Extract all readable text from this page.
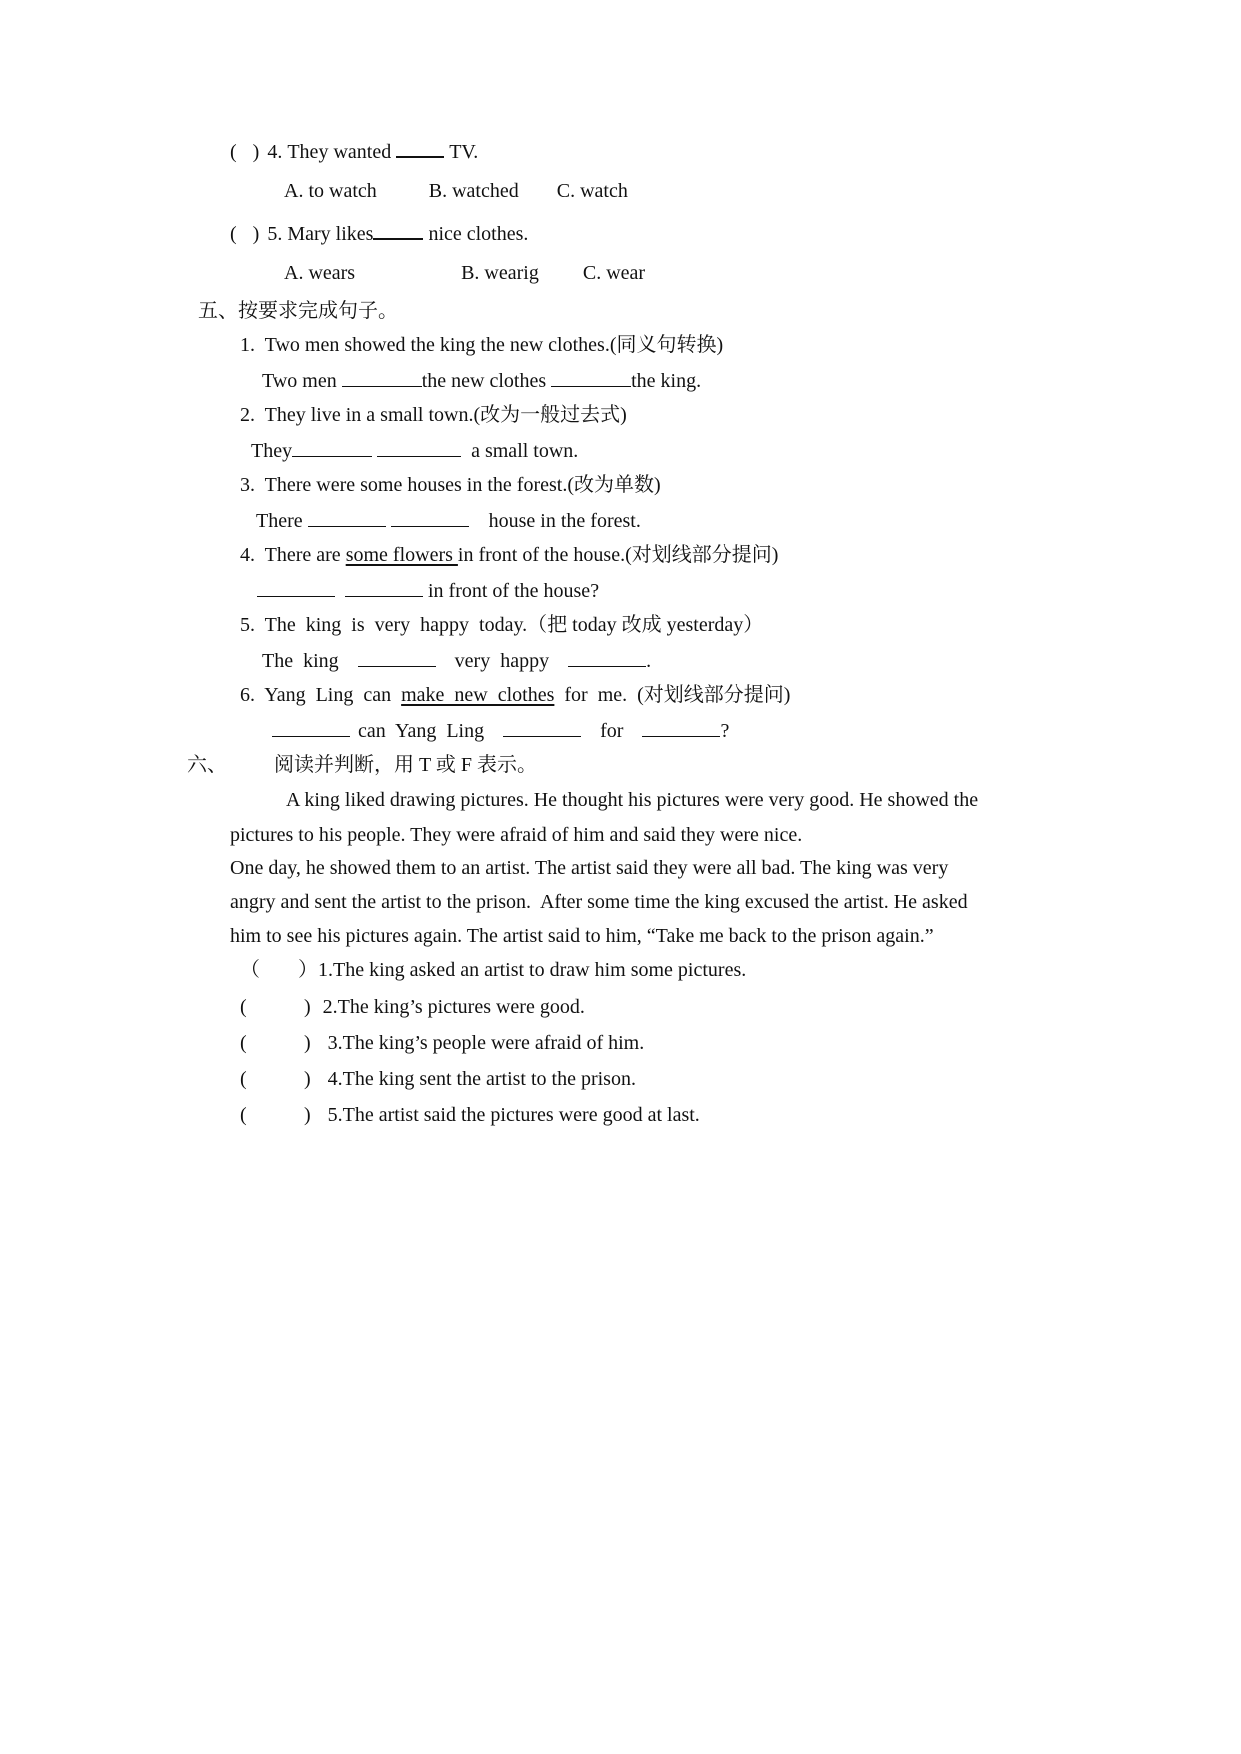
( ) 4. They wanted	TV.
A. to watch	B. watched C. watch
( ) 5. Mary likes	nice clothes.
A. wears	B. wearig C. wear
五、按要求完成句子。
1.  Two men showed the king the new clothes.(同义句转换)
Two men	the new clothes	the king.
2.  They live in a small town.(改为一般过去式)
They	a small town.
3.  There were some houses in the forest.(改为单数)
There	house in the forest.
4.  There are some flowers in front of the house.(对划线部分提问)
in front of the house?
5.  The  king  is  very  happy  today.（把 today 改成 yesterday）
The  king	very  happy	.
6.  Yang  Ling  can make  new  clothes for  me.  (对划线部分提问)
can  Yang  Ling	for	?
六、 阅读并判断，用 T 或 F 表示。
A king liked drawing pictures. He thought his pictures were very good. He showed the
pictures to his people. They were afraid of him and said they were nice.
One day, he showed them to an artist. The artist said they were all bad. The king was very
angry and sent the artist to the prison.  After some time the king excused the artist. He asked
him to see his pictures again. The artist said to him, “Take me back to the prison again.”
（	） 1.The king asked an artist to draw him some pictures.
(	) 2.The king’s pictures were good.
(	) 3.The king’s people were afraid of him.
(	) 4.The king sent the artist to the prison.
(	) 5.The artist said the pictures were good at last.
